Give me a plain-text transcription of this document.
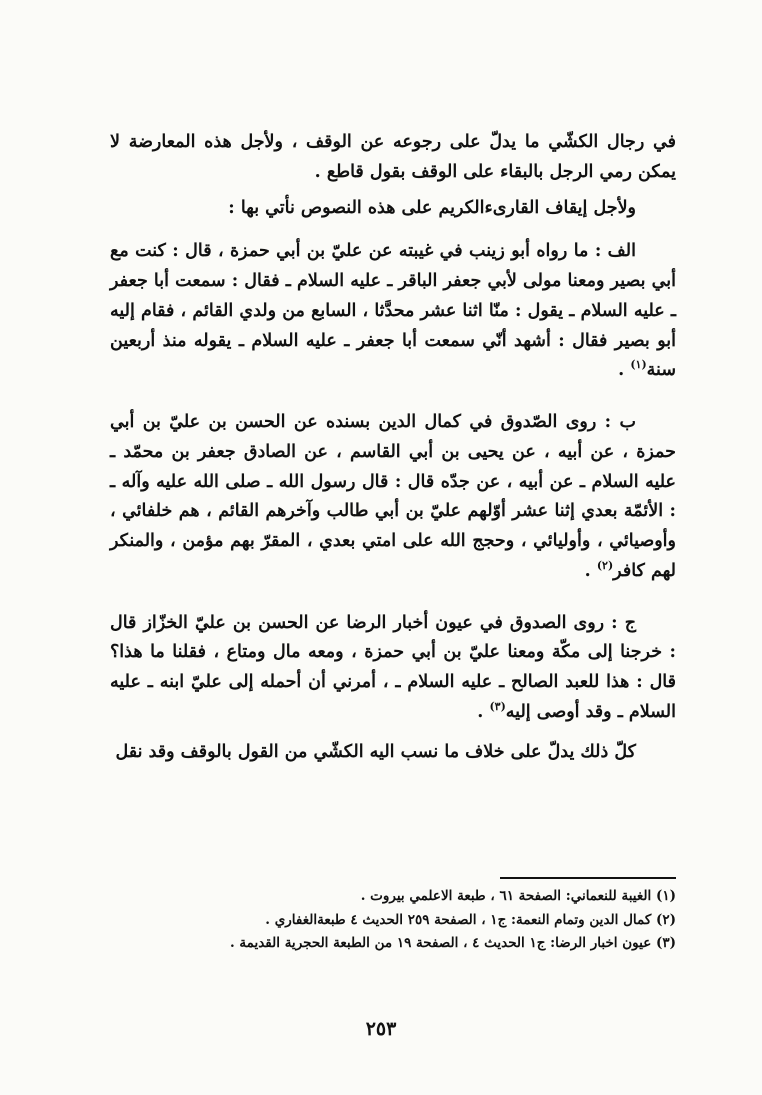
في رجال الكشّي ما يدلّ على رجوعه عن الوقف ، ولأجل هذه المعارضة لا يمكن رمي الرجل بالبقاء على الوقف بقول قاطع .

ولأجل إيقاف القارىءالكريم على هذه النصوص نأتي بها :

الف : ما رواه أبو زينب في غيبته عن عليّ بن أبي حمزة ، قال : كنت مع أبي بصير ومعنا مولى لأبي جعفر الباقر ـ عليه السلام ـ فقال : سمعت أبا جعفر ـ عليه السلام ـ يقول : منّا اثنا عشر محدَّثا ، السابع من ولدي القائم ، فقام إليه أبو بصير فقال : أشهد أنّي سمعت أبا جعفر ـ عليه السلام ـ يقوله منذ أربعين سنة$^{(١)}$ .

ب : روى الصّدوق في كمال الدين بسنده عن الحسن بن عليّ بن أبي حمزة ، عن أبيه ، عن يحيى بن أبي القاسم ، عن الصادق جعفر بن محمّد ـ عليه السلام ـ عن أبيه ، عن جدّه قال : قال رسول الله ـ صلى الله عليه وآله ـ : الأئمّة بعدي إثنا عشر أوّلهم عليّ بن أبي طالب وآخرهم القائم ، هم خلفائي ، وأوصيائي ، وأوليائي ، وحجج الله على امتي بعدي ، المقرّ بهم مؤمن ، والمنكر لهم كافر$^{(٢)}$ .

ج : روى الصدوق في عيون أخبار الرضا عن الحسن بن عليّ الخزّاز قال : خرجنا إلى مكّة ومعنا عليّ بن أبي حمزة ، ومعه مال ومتاع ، فقلنا ما هذا؟ قال : هذا للعبد الصالح ـ عليه السلام ـ ، أمرني أن أحمله إلى عليّ ابنه ـ عليه السلام ـ وقد أوصى إليه$^{(٣)}$ .

كلّ ذلك يدلّ على خلاف ما نسب اليه الكشّي من القول بالوقف وقد نقل

(١) الغيبة للنعماني: الصفحة ٦١ ، طبعة الاعلمي بيروت .

(٢) كمال الدين وتمام النعمة: ج١ ، الصفحة ٢٥٩ الحديث ٤ طبعةالغفاري .

(٣) عيون اخبار الرضا: ج١ الحديث ٤ ، الصفحة ١٩ من الطبعة الحجرية القديمة .

٢٥٣
